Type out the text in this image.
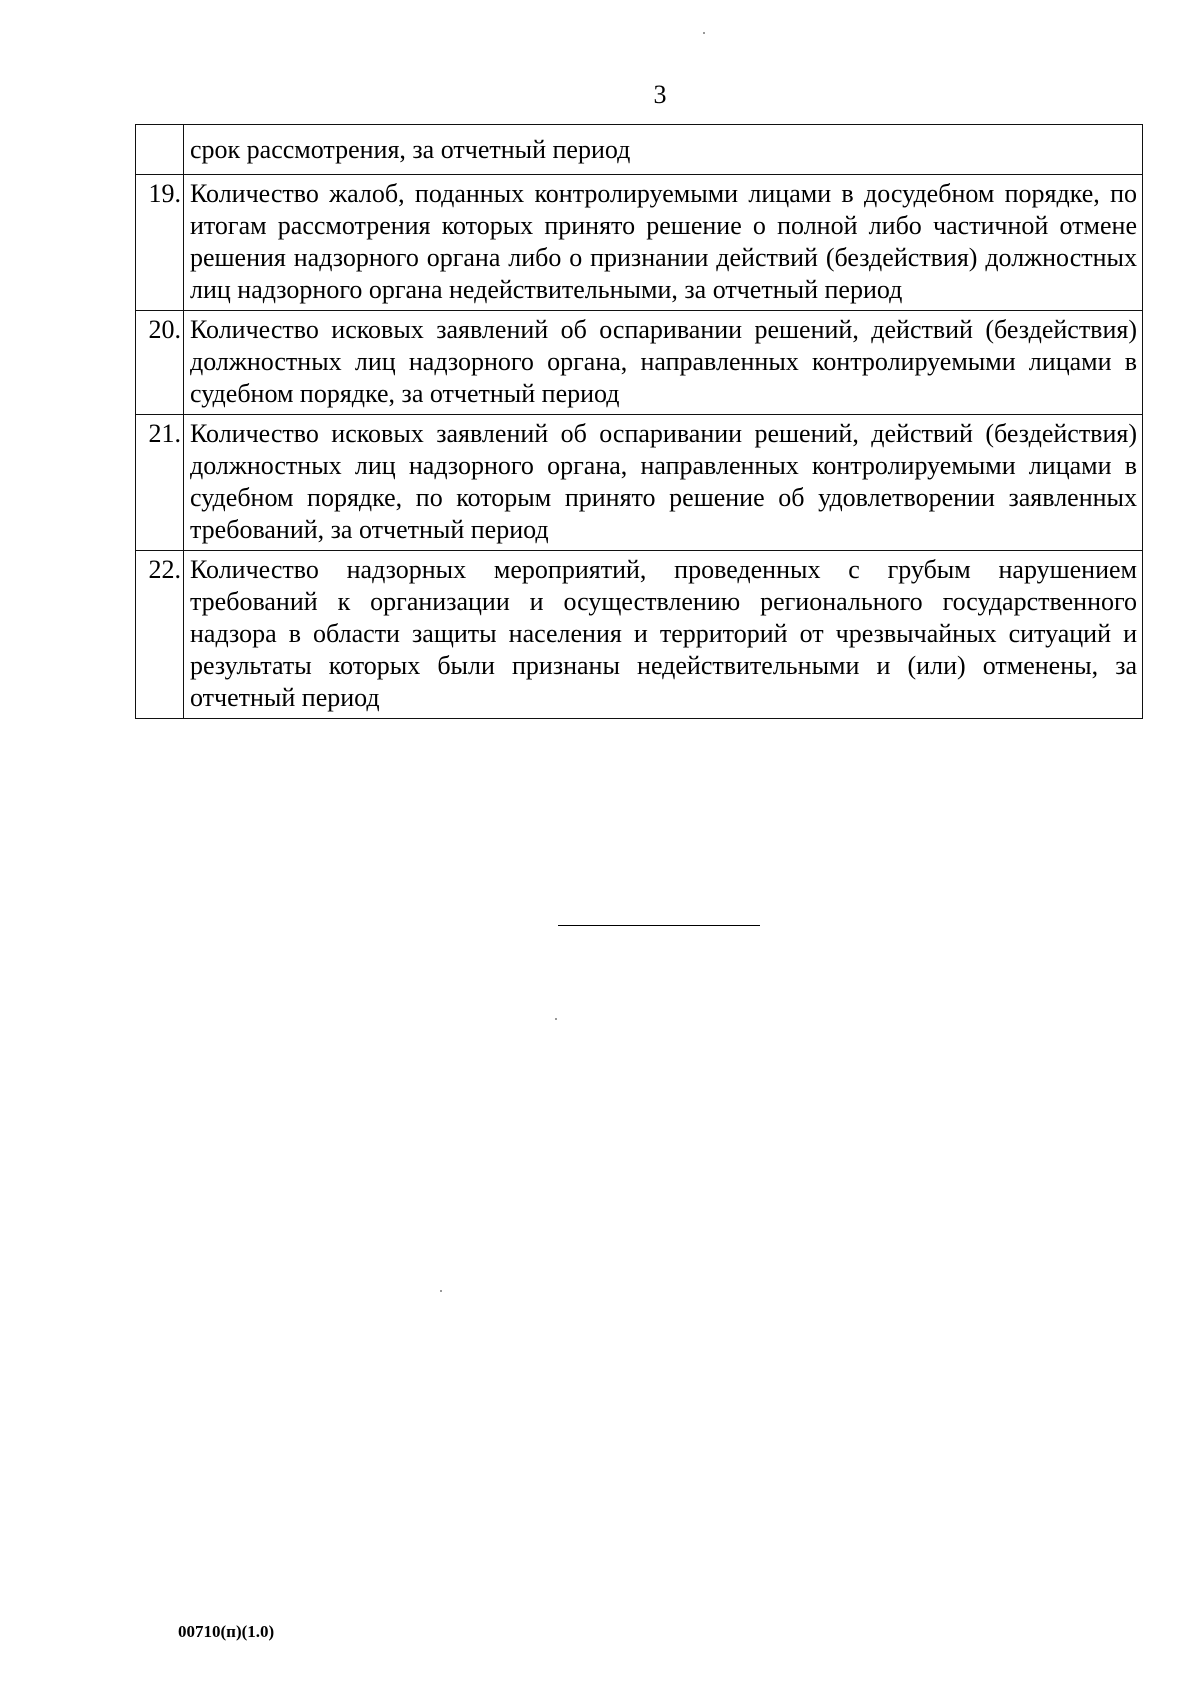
3
	срок рассмотрения, за отчетный период
19.	Количество жалоб, поданных контролируемыми лицами в досудебном порядке, по итогам рассмотрения которых принято решение о полной либо частичной отмене решения надзорного органа либо о признании действий (бездействия) должностных лиц надзорного органа недействительными, за отчетный период
20.	Количество исковых заявлений об оспаривании решений, действий (бездействия) должностных лиц надзорного органа, направленных контролируемыми лицами в судебном порядке, за отчетный период
21.	Количество исковых заявлений об оспаривании решений, действий (бездействия) должностных лиц надзорного органа, направленных контролируемыми лицами в судебном порядке, по которым принято решение об удовлетворении заявленных требований, за отчетный период
22.	Количество надзорных мероприятий, проведенных с грубым нарушением требований к организации и осуществлению регионального государственного надзора в области защиты населения и территорий от чрезвычайных ситуаций и результаты которых были признаны недействительными и (или) отменены, за отчетный период
00710(п)(1.0)
